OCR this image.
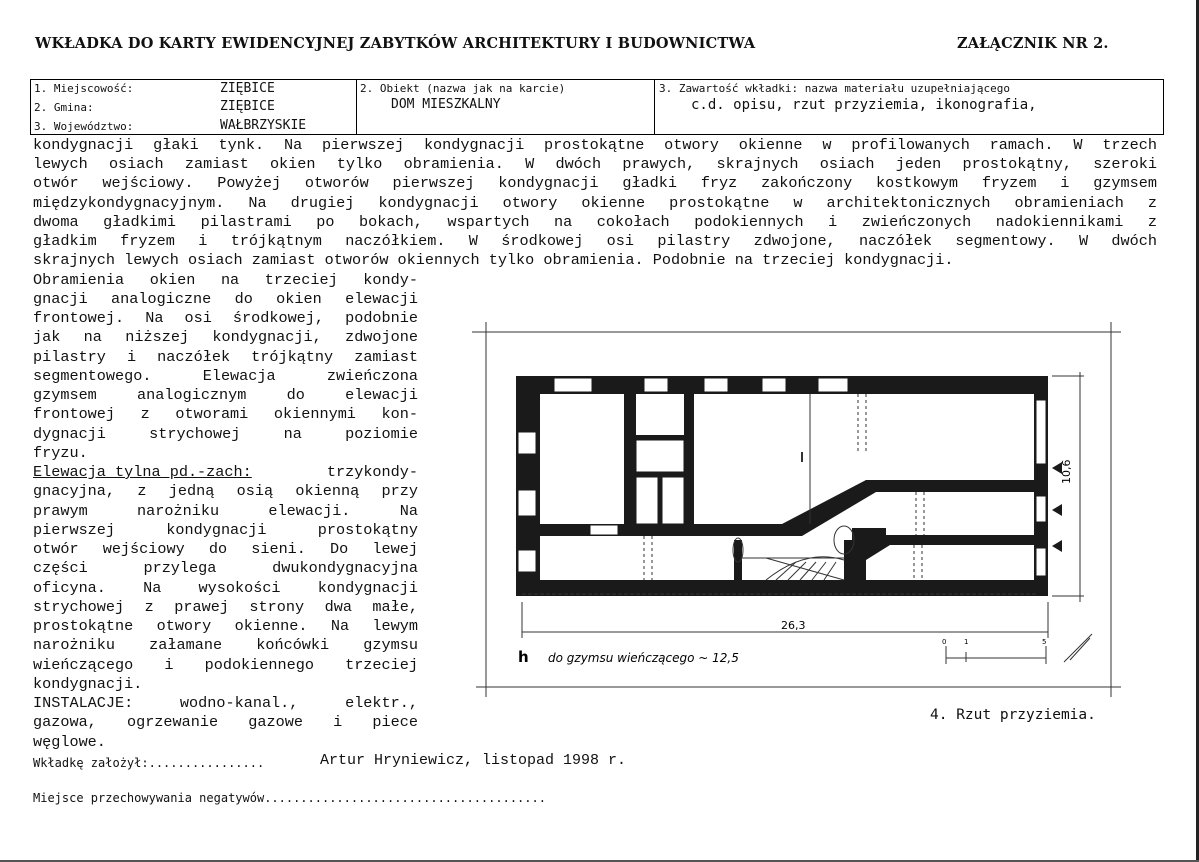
WKŁADKA DO KARTY EWIDENCYJNEJ ZABYTKÓW ARCHITEKTURY I BUDOWNICTWA	ZAŁĄCZNIK NR 2.
1. Miejscowość:	ZIĘBICE
2. Gmina:	ZIĘBICE
3. Województwo:	WAŁBRZYSKIE
2. Obiekt (nazwa jak na karcie)
DOM MIESZKALNY
3. Zawartość wkładki: nazwa materiału uzupełniającego
c.d. opisu, rzut przyziemia, ikonografia,
kondygnacji głaki tynk. Na pierwszej kondygnacji prostokątne otwory okienne w profilowanych ramach. W trzech
lewych osiach zamiast okien tylko obramienia. W dwóch prawych, skrajnych osiach jeden prostokątny, szeroki
otwór wejściowy. Powyżej otworów pierwszej kondygnacji gładki fryz zakończony kostkowym fryzem i gzymsem
międzykondygnacyjnym. Na drugiej kondygnacji otwory okienne prostokątne w architektonicznych obramieniach z
dwoma gładkimi pilastrami po bokach, wspartych na cokołach podokiennych i zwieńczonych nadokiennikami z
gładkim fryzem i trójkątnym naczółkiem. W środkowej osi pilastry zdwojone, naczółek segmentowy. W dwóch
skrajnych lewych osiach zamiast otworów okiennych tylko obramienia. Podobnie na trzeciej kondygnacji.
Obramienia okien na trzeciej kondy-
gnacji analogiczne do okien elewacji
frontowej. Na osi środkowej, podobnie
jak na niższej kondygnacji, zdwojone
pilastry i naczółek trójkątny zamiast
segmentowego. Elewacja zwieńczona
gzymsem analogicznym do elewacji
frontowej z otworami okiennymi kon-
dygnacji strychowej na poziomie
fryzu.
Elewacja tylna pd.-zach:	trzykondy-
gnacyjna, z jedną osią okienną przy
prawym narożniku elewacji. Na
pierwszej kondygnacji prostokątny
otwór wejściowy do sieni. Do lewej
części przylega dwukondygnacyjna
oficyna. Na wysokości kondygnacji
strychowej z prawej strony dwa małe,
prostokątne otwory okienne. Na lewym
narożniku załamane końcówki gzymsu
wieńczącego i podokiennego trzeciej
kondygnacji.
INSTALACJE: wodno-kanal., elektr.,
gazowa, ogrzewanie gazowe i piece
węglowe.
26,3
10,6
h do gzymsu wieńczącego ~ 12,5
0	1	5
4. Rzut przyziemia.
Wkładkę założył:................	Artur Hryniewicz, listopad 1998 r.
Miejsce przechowywania negatywów.......................................
